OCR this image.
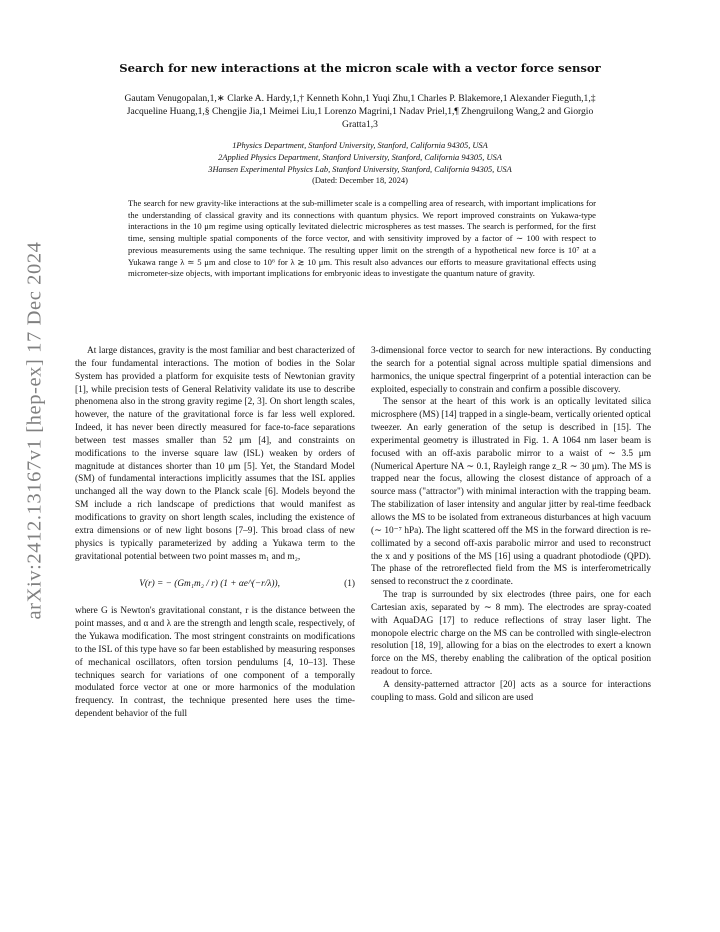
arXiv:2412.13167v1 [hep-ex] 17 Dec 2024
Search for new interactions at the micron scale with a vector force sensor
Gautam Venugopalan,1,∗ Clarke A. Hardy,1,† Kenneth Kohn,1 Yuqi Zhu,1 Charles P. Blakemore,1 Alexander Fieguth,1,‡ Jacqueline Huang,1,§ Chengjie Jia,1 Meimei Liu,1 Lorenzo Magrini,1 Nadav Priel,1,¶ Zhengruilong Wang,2 and Giorgio Gratta1,3
1Physics Department, Stanford University, Stanford, California 94305, USA
2Applied Physics Department, Stanford University, Stanford, California 94305, USA
3Hansen Experimental Physics Lab, Stanford University, Stanford, California 94305, USA
(Dated: December 18, 2024)
The search for new gravity-like interactions at the sub-millimeter scale is a compelling area of research, with important implications for the understanding of classical gravity and its connections with quantum physics. We report improved constraints on Yukawa-type interactions in the 10 μm regime using optically levitated dielectric microspheres as test masses. The search is performed, for the first time, sensing multiple spatial components of the force vector, and with sensitivity improved by a factor of ∼ 100 with respect to previous measurements using the same technique. The resulting upper limit on the strength of a hypothetical new force is 10⁷ at a Yukawa range λ ≃ 5 μm and close to 10⁶ for λ ≳ 10 μm. This result also advances our efforts to measure gravitational effects using micrometer-size objects, with important implications for embryonic ideas to investigate the quantum nature of gravity.

At large distances, gravity is the most familiar and best characterized of the four fundamental interactions. The motion of bodies in the Solar System has provided a platform for exquisite tests of Newtonian gravity [1], while precision tests of General Relativity validate its use to describe phenomena also in the strong gravity regime [2, 3]. On short length scales, however, the nature of the gravitational force is far less well explored. Indeed, it has never been directly measured for face-to-face separations between test masses smaller than 52 μm [4], and constraints on modifications to the inverse square law (ISL) weaken by orders of magnitude at distances shorter than 10 μm [5]. Yet, the Standard Model (SM) of fundamental interactions implicitly assumes that the ISL applies unchanged all the way down to the Planck scale [6]. Models beyond the SM include a rich landscape of predictions that would manifest as modifications to gravity on short length scales, including the existence of extra dimensions or of new light bosons [7–9]. This broad class of new physics is typically parameterized by adding a Yukawa term to the gravitational potential between two point masses m₁ and m₂,

V(r) = − (Gm₁m₂ / r) (1 + αe^(−r/λ)),	(1)

where G is Newton's gravitational constant, r is the distance between the point masses, and α and λ are the strength and length scale, respectively, of the Yukawa modification. The most stringent constraints on modifications to the ISL of this type have so far been established by measuring responses of mechanical oscillators, often torsion pendulums [4, 10–13]. These techniques search for variations of one component of a temporally modulated force vector at one or more harmonics of the modulation frequency. In contrast, the technique presented here uses the time-dependent behavior of the full

3-dimensional force vector to search for new interactions. By conducting the search for a potential signal across multiple spatial dimensions and harmonics, the unique spectral fingerprint of a potential interaction can be exploited, especially to constrain and confirm a possible discovery.

The sensor at the heart of this work is an optically levitated silica microsphere (MS) [14] trapped in a single-beam, vertically oriented optical tweezer. An early generation of the setup is described in [15]. The experimental geometry is illustrated in Fig. 1. A 1064 nm laser beam is focused with an off-axis parabolic mirror to a waist of ∼ 3.5 μm (Numerical Aperture NA ∼ 0.1, Rayleigh range z_R ∼ 30 μm). The MS is trapped near the focus, allowing the closest distance of approach of a source mass ("attractor") with minimal interaction with the trapping beam. The stabilization of laser intensity and angular jitter by real-time feedback allows the MS to be isolated from extraneous disturbances at high vacuum (∼ 10⁻⁷ hPa). The light scattered off the MS in the forward direction is re-collimated by a second off-axis parabolic mirror and used to reconstruct the x and y positions of the MS [16] using a quadrant photodiode (QPD). The phase of the retroreflected field from the MS is interferometrically sensed to reconstruct the z coordinate.

The trap is surrounded by six electrodes (three pairs, one for each Cartesian axis, separated by ∼ 8 mm). The electrodes are spray-coated with AquaDAG [17] to reduce reflections of stray laser light. The monopole electric charge on the MS can be controlled with single-electron resolution [18, 19], allowing for a bias on the electrodes to exert a known force on the MS, thereby enabling the calibration of the optical position readout to force.

A density-patterned attractor [20] acts as a source for interactions coupling to mass. Gold and silicon are used
